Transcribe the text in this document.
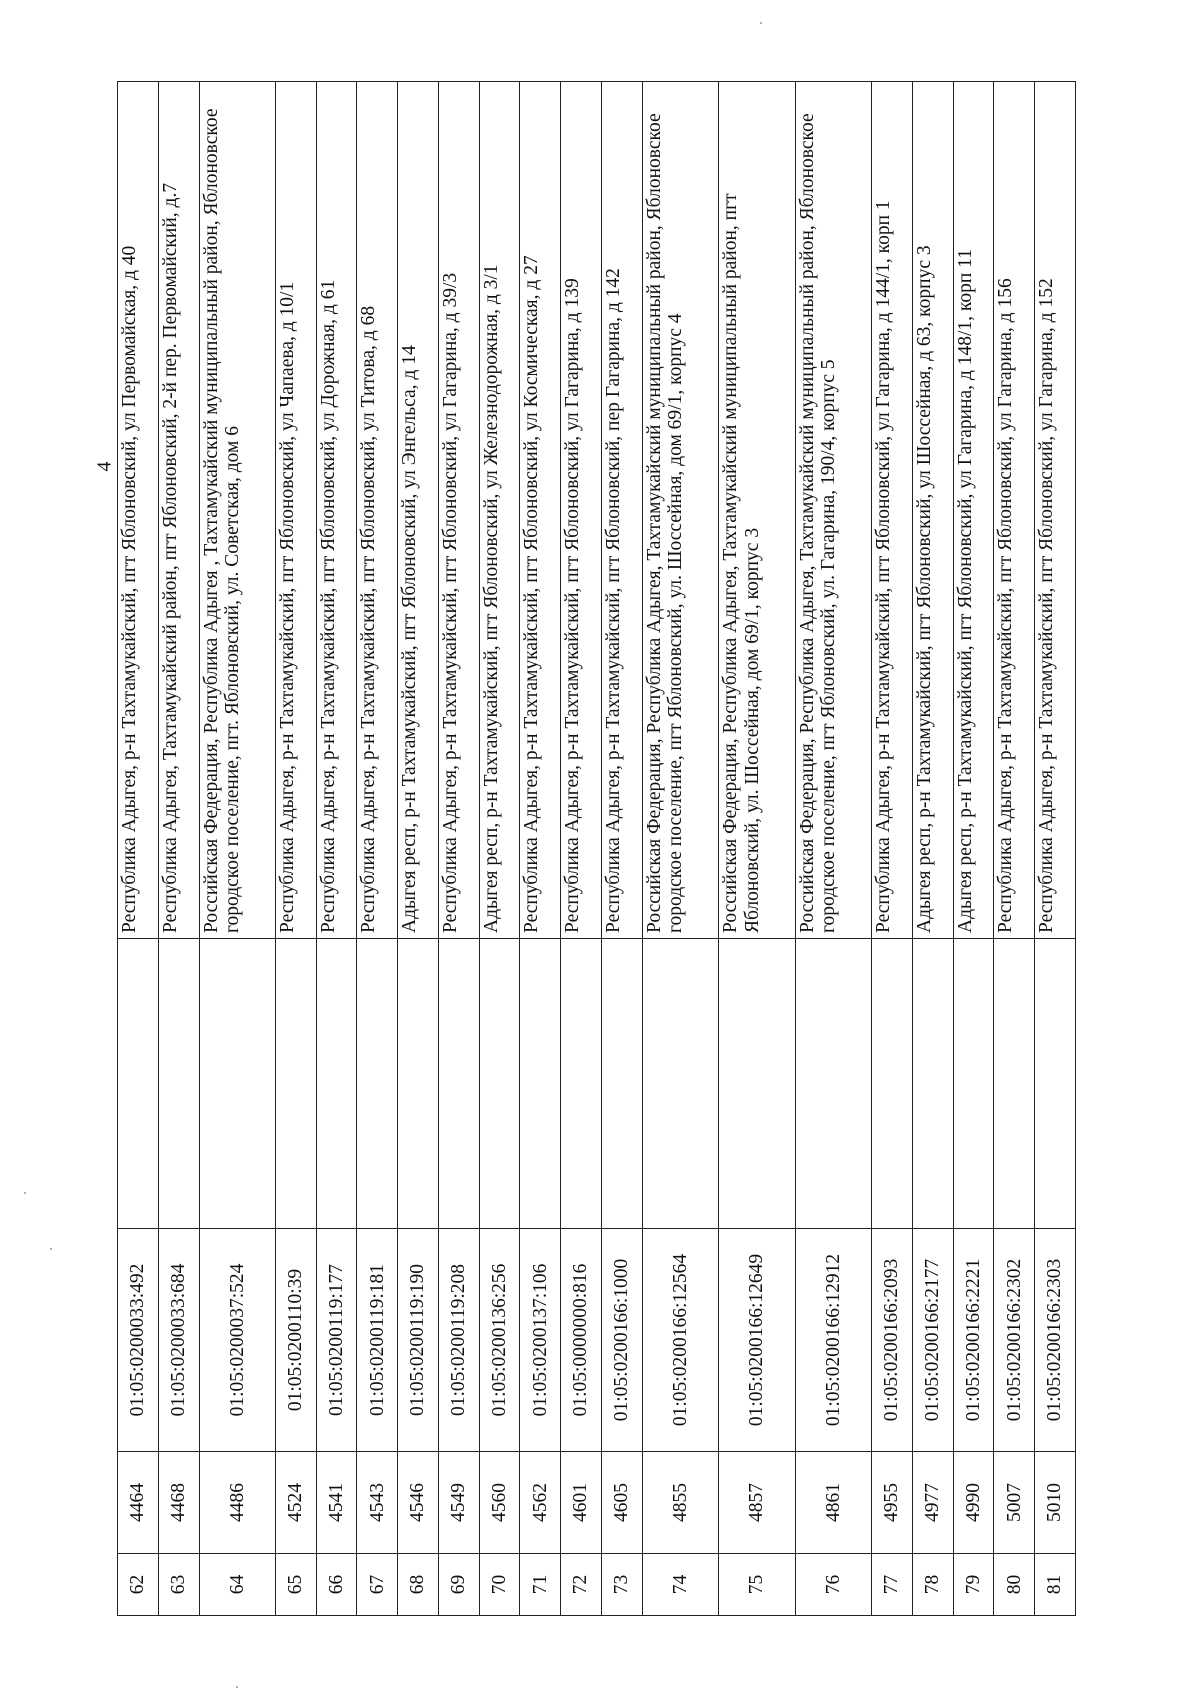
4
62	4464	01:05:0200033:492		Республика Адыгея, р-н Тахтамукайский, пгт Яблоновский, ул Первомайская, д 40
63	4468	01:05:0200033:684		Республика Адыгея, Тахтамукайский район, пгт Яблоновский, 2-й пер. Первомайский, д.7
64	4486	01:05:0200037:524		Российская Федерация, Республика Адыгея , Тахтамукайский муниципальный район, Яблоновское городское поселение, пгт. Яблоновский, ул. Советская, дом 6
65	4524	01:05:0200110:39		Республика Адыгея, р-н Тахтамукайский, пгт Яблоновский, ул Чапаева, д 10/1
66	4541	01:05:0200119:177		Республика Адыгея, р-н Тахтамукайский, пгт Яблоновский, ул Дорожная, д 61
67	4543	01:05:0200119:181		Республика Адыгея, р-н Тахтамукайский, пгт Яблоновский, ул Титова, д 68
68	4546	01:05:0200119:190		Адыгея респ, р-н Тахтамукайский, пгт Яблоновский, ул Энгельса, д 14
69	4549	01:05:0200119:208		Республика Адыгея, р-н Тахтамукайский, пгт Яблоновский, ул Гагарина, д 39/3
70	4560	01:05:0200136:256		Адыгея респ, р-н Тахтамукайский, пгт Яблоновский, ул Железнодорожная, д 3/1
71	4562	01:05:0200137:106		Республика Адыгея, р-н Тахтамукайский, пгт Яблоновский, ул Космическая, д 27
72	4601	01:05:0000000:816		Республика Адыгея, р-н Тахтамукайский, пгт Яблоновский, ул Гагарина, д 139
73	4605	01:05:0200166:1000		Республика Адыгея, р-н Тахтамукайский, пгт Яблоновский, пер Гагарина, д 142
74	4855	01:05:0200166:12564		Российская Федерация, Республика Адыгея, Тахтамукайский муниципальный район, Яблоновское городское поселение, пгт Яблоновский, ул. Шоссейная, дом 69/1, корпус 4
75	4857	01:05:0200166:12649		Российская Федерация, Республика Адыгея, Тахтамукайский муниципальный район, пгт Яблоновский, ул. Шоссейная, дом 69/1, корпус 3
76	4861	01:05:0200166:12912		Российская Федерация, Республика Адыгея, Тахтамукайский муниципальный район, Яблоновское городское поселение, пгт Яблоновский, ул. Гагарина, 190/4, корпус 5
77	4955	01:05:0200166:2093		Республика Адыгея, р-н Тахтамукайский, пгт Яблоновский, ул Гагарина, д 144/1, корп 1
78	4977	01:05:0200166:2177		Адыгея респ, р-н Тахтамукайский, пгт Яблоновский, ул Шоссейная, д 63, корпус 3
79	4990	01:05:0200166:2221		Адыгея респ, р-н Тахтамукайский, пгт Яблоновский, ул Гагарина, д 148/1, корп 11
80	5007	01:05:0200166:2302		Республика Адыгея, р-н Тахтамукайский, пгт Яблоновский, ул Гагарина, д 156
81	5010	01:05:0200166:2303		Республика Адыгея, р-н Тахтамукайский, пгт Яблоновский, ул Гагарина, д 152
